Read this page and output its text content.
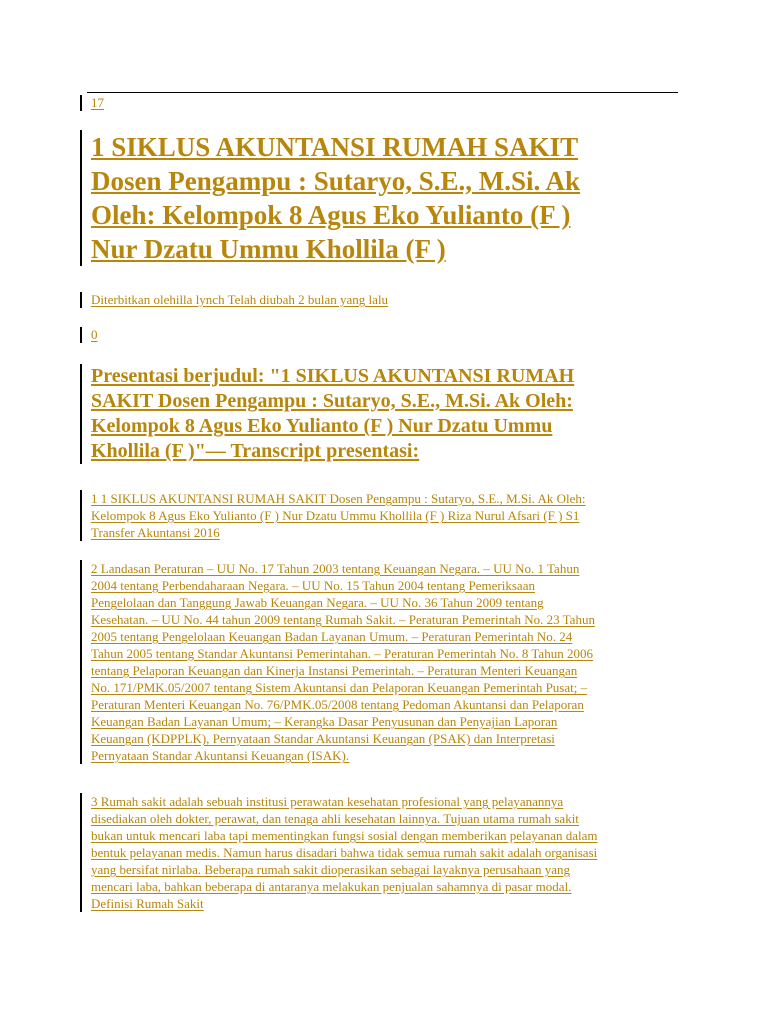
17
1 SIKLUS AKUNTANSI RUMAH SAKIT
Dosen Pengampu : Sutaryo, S.E., M.Si. Ak
Oleh: Kelompok 8 Agus Eko Yulianto (F )
Nur Dzatu Ummu Khollila (F )
Diterbitkan olehilla lynch Telah diubah 2 bulan yang lalu
0
Presentasi berjudul: "1 SIKLUS AKUNTANSI RUMAH
SAKIT Dosen Pengampu : Sutaryo, S.E., M.Si. Ak Oleh:
Kelompok 8 Agus Eko Yulianto (F ) Nur Dzatu Ummu
Khollila (F )"— Transcript presentasi:
1 1 SIKLUS AKUNTANSI RUMAH SAKIT Dosen Pengampu : Sutaryo, S.E., M.Si. Ak Oleh:
Kelompok 8 Agus Eko Yulianto (F ) Nur Dzatu Ummu Khollila (F ) Riza Nurul Afsari (F ) S1
Transfer Akuntansi 2016
2 Landasan Peraturan – UU No. 17 Tahun 2003 tentang Keuangan Negara. – UU No. 1 Tahun
2004 tentang Perbendaharaan Negara. – UU No. 15 Tahun 2004 tentang Pemeriksaan
Pengelolaan dan Tanggung Jawab Keuangan Negara. – UU No. 36 Tahun 2009 tentang
Kesehatan. – UU No. 44 tahun 2009 tentang Rumah Sakit. – Peraturan Pemerintah No. 23 Tahun
2005 tentang Pengelolaan Keuangan Badan Layanan Umum. – Peraturan Pemerintah No. 24
Tahun 2005 tentang Standar Akuntansi Pemerintahan. – Peraturan Pemerintah No. 8 Tahun 2006
tentang Pelaporan Keuangan dan Kinerja Instansi Pemerintah. – Peraturan Menteri Keuangan
No. 171/PMK.05/2007 tentang Sistem Akuntansi dan Pelaporan Keuangan Pemerintah Pusat; –
Peraturan Menteri Keuangan No. 76/PMK.05/2008 tentang Pedoman Akuntansi dan Pelaporan
Keuangan Badan Layanan Umum; – Kerangka Dasar Penyusunan dan Penyajian Laporan
Keuangan (KDPPLK), Pernyataan Standar Akuntansi Keuangan (PSAK) dan Interpretasi
Pernyataan Standar Akuntansi Keuangan (ISAK).
3 Rumah sakit adalah sebuah institusi perawatan kesehatan profesional yang pelayanannya
disediakan oleh dokter, perawat, dan tenaga ahli kesehatan lainnya. Tujuan utama rumah sakit
bukan untuk mencari laba tapi mementingkan fungsi sosial dengan memberikan pelayanan dalam
bentuk pelayanan medis. Namun harus disadari bahwa tidak semua rumah sakit adalah organisasi
yang bersifat nirlaba. Beberapa rumah sakit dioperasikan sebagai layaknya perusahaan yang
mencari laba, bahkan beberapa di antaranya melakukan penjualan sahamnya di pasar modal.
Definisi Rumah Sakit
